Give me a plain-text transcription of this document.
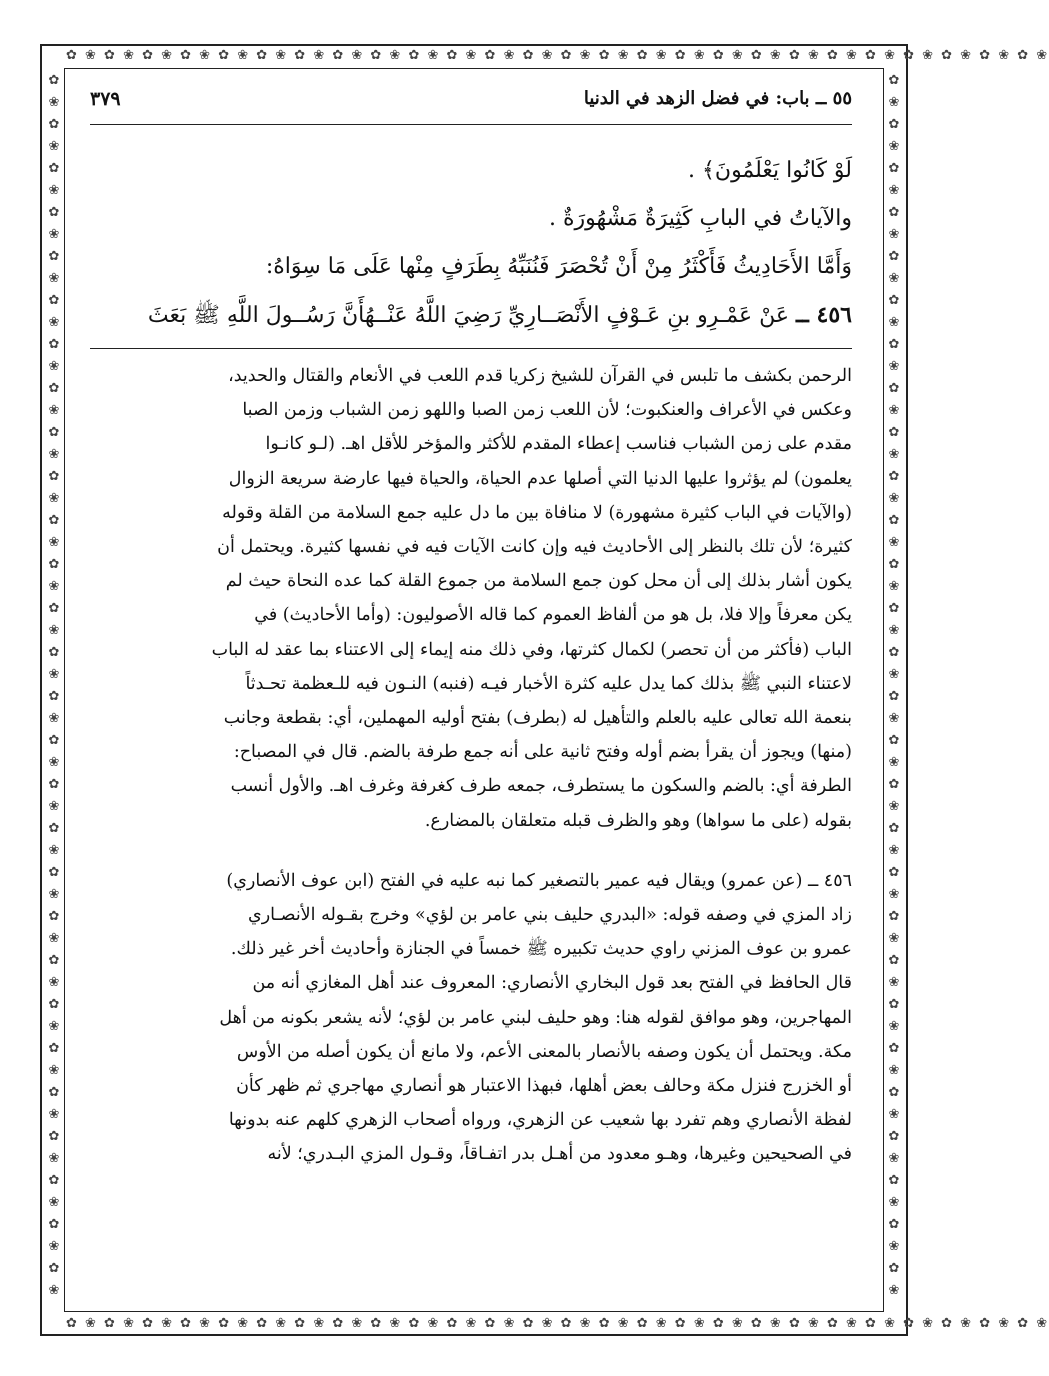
✿ ❀ ✿ ❀ ✿ ❀ ✿ ❀ ✿ ❀ ✿ ❀ ✿ ❀ ✿ ❀ ✿ ❀ ✿ ❀ ✿ ❀ ✿ ❀ ✿ ❀ ✿ ❀ ✿ ❀ ✿ ❀ ✿ ❀ ✿ ❀ ✿ ❀ ✿ ❀ ✿ ❀ ✿ ❀ ✿ ❀ ✿ ❀ ✿ ❀ ✿ ❀
✿ ❀ ✿ ❀ ✿ ❀ ✿ ❀ ✿ ❀ ✿ ❀ ✿ ❀ ✿ ❀ ✿ ❀ ✿ ❀ ✿ ❀ ✿ ❀ ✿ ❀ ✿ ❀ ✿ ❀ ✿ ❀ ✿ ❀ ✿ ❀ ✿ ❀ ✿ ❀ ✿ ❀ ✿ ❀ ✿ ❀ ✿ ❀ ✿ ❀ ✿ ❀
✿
❀
✿
❀
✿
❀
✿
❀
✿
❀
✿
❀
✿
❀
✿
❀
✿
❀
✿
❀
✿
❀
✿
❀
✿
❀
✿
❀
✿
❀
✿
❀
✿
❀
✿
❀
✿
❀
✿
❀
✿
❀
✿
❀
✿
❀
✿
❀
✿
❀
✿
❀
✿
❀
✿
❀
✿
❀
✿
❀
✿
❀
✿
❀
✿
❀
✿
❀
✿
❀
✿
❀
✿
❀
✿
❀
✿
❀
✿
❀
✿
❀
✿
❀
✿
❀
✿
❀
✿
❀
✿
❀
✿
❀
✿
❀
✿
❀
✿
❀
✿
❀
✿
❀
✿
❀
✿
❀
✿
❀
✿
❀
٥٥ ــ باب: في فضل الزهد في الدنيا
٣٧٩

لَوْ كَانُوا يَعْلَمُونَ﴾ .

والآياتُ في البابِ كَثِيرَةٌ مَشْهُورَةٌ .

وَأَمَّا الأَحَادِيثُ فَأَكْثَرُ مِنْ أَنْ تُحْصَرَ فَنُنَبِّهُ بِطَرَفٍ مِنْها عَلَى مَا سِوَاهُ:

٤٥٦ ــ عَنْ عَمْـرِو بنِ عَـوْفٍ الأَنْصَــارِيِّ رَضِيَ اللَّهُ عَنْــهُأَنَّ رَسُــولَ اللَّهِ ﷺ بَعَثَ

الرحمن بكشف ما تلبس في القرآن للشيخ زكريا قدم اللعب في الأنعام والقتال والحديد،

وعكس في الأعراف والعنكبوت؛ لأن اللعب زمن الصبا واللهو زمن الشباب وزمن الصبا

مقدم على زمن الشباب فناسب إعطاء المقدم للأكثر والمؤخر للأقل اهـ. (لـو كانـوا

يعلمون) لم يؤثروا عليها الدنيا التي أصلها عدم الحياة، والحياة فيها عارضة سريعة الزوال

(والآيات في الباب كثيرة مشهورة) لا منافاة بين ما دل عليه جمع السلامة من القلة وقوله

كثيرة؛ لأن تلك بالنظر إلى الأحاديث فيه وإن كانت الآيات فيه في نفسها كثيرة. ويحتمل أن

يكون أشار بذلك إلى أن محل كون جمع السلامة من جموع القلة كما عده النحاة حيث لم

يكن معرفاً وإلا فلا، بل هو من ألفاظ العموم كما قاله الأصوليون: (وأما الأحاديث) في

الباب (فأكثر من أن تحصر) لكمال كثرتها، وفي ذلك منه إيماء إلى الاعتناء بما عقد له الباب

لاعتناء النبي ﷺ بذلك كما يدل عليه كثرة الأخبار فيـه (فنبه) النـون فيه للـعظمة تحـدثاً

بنعمة الله تعالى عليه بالعلم والتأهيل له (بطرف) بفتح أوليه المهملين، أي: بقطعة وجانب

(منها) ويجوز أن يقرأ بضم أوله وفتح ثانية على أنه جمع طرفة بالضم. قال في المصباح:

الطرفة أي: بالضم والسكون ما يستطرف، جمعه طرف كغرفة وغرف اهـ. والأول أنسب

بقوله (على ما سواها) وهو والظرف قبله متعلقان بالمضارع.

٤٥٦ ــ (عن عمرو) ويقال فيه عمير بالتصغير كما نبه عليه في الفتح (ابن عوف الأنصاري)

زاد المزي في وصفه قوله: «البدري حليف بني عامر بن لؤي» وخرج بقـوله الأنصـاري

عمرو بن عوف المزني راوي حديث تكبيره ﷺ خمساً في الجنازة وأحاديث أخر غير ذلك.

قال الحافظ في الفتح بعد قول البخاري الأنصاري: المعروف عند أهل المغازي أنه من

المهاجرين، وهو موافق لقوله هنا: وهو حليف لبني عامر بن لؤي؛ لأنه يشعر بكونه من أهل

مكة. ويحتمل أن يكون وصفه بالأنصار بالمعنى الأعم، ولا مانع أن يكون أصله من الأوس

أو الخزرج فنزل مكة وحالف بعض أهلها، فبهذا الاعتبار هو أنصاري مهاجري ثم ظهر كأن

لفظة الأنصاري وهم تفرد بها شعيب عن الزهري، ورواه أصحاب الزهري كلهم عنه بدونها

في الصحيحين وغيرها، وهـو معدود من أهـل بدر اتفـاقاً، وقـول المزي البـدري؛ لأنه
